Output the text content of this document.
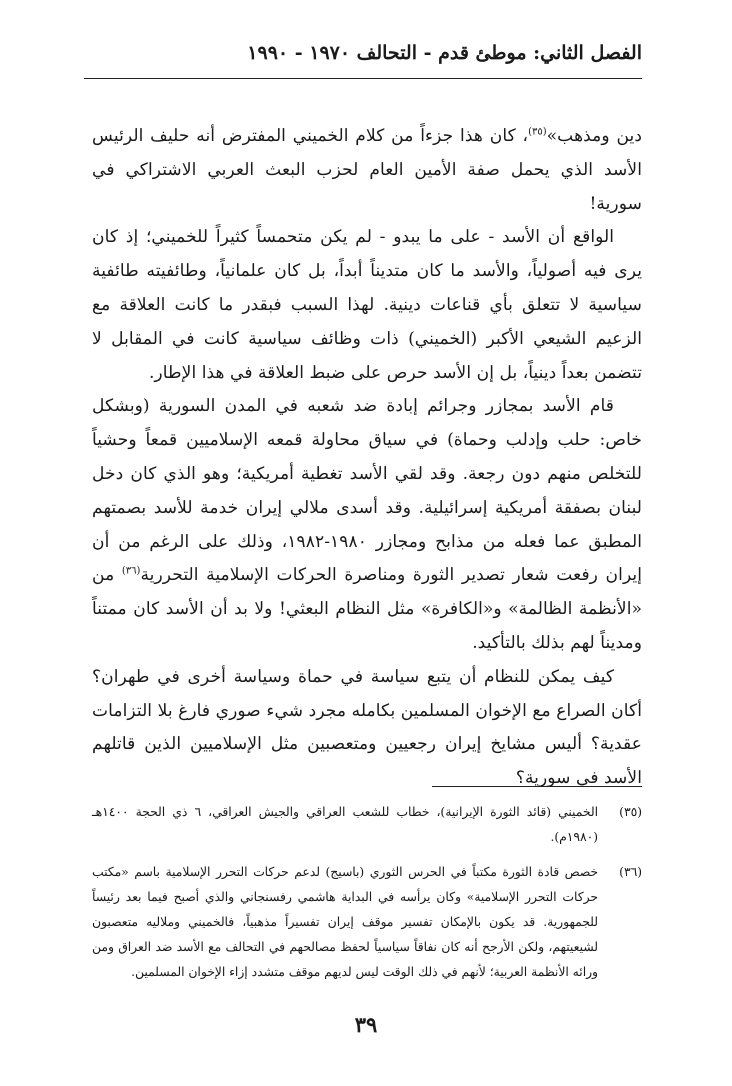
الفصل الثاني: موطئ قدم - التحالف ١٩٧٠ - ١٩٩٠

دين ومذهب»$^{(٣٥)}$، كان هذا جزءاً من كلام الخميني المفترض أنه حليف الرئيس الأسد الذي يحمل صفة الأمين العام لحزب البعث العربي الاشتراكي في سورية!

الواقع أن الأسد - على ما يبدو - لم يكن متحمساً كثيراً للخميني؛ إذ كان يرى فيه أصولياً، والأسد ما كان متديناً أبداً، بل كان علمانياً، وطائفيته طائفية سياسية لا تتعلق بأي قناعات دينية. لهذا السبب فبقدر ما كانت العلاقة مع الزعيم الشيعي الأكبر (الخميني) ذات وظائف سياسية كانت في المقابل لا تتضمن بعداً دينياً، بل إن الأسد حرص على ضبط العلاقة في هذا الإطار.

قام الأسد بمجازر وجرائم إبادة ضد شعبه في المدن السورية (وبشكل خاص: حلب وإدلب وحماة) في سياق محاولة قمعه الإسلاميين قمعاً وحشياً للتخلص منهم دون رجعة. وقد لقي الأسد تغطية أمريكية؛ وهو الذي كان دخل لبنان بصفقة أمريكية إسرائيلية. وقد أسدى ملالي إيران خدمة للأسد بصمتهم المطبق عما فعله من مذابح ومجازر ١٩٨٠-١٩٨٢، وذلك على الرغم من أن إيران رفعت شعار تصدير الثورة ومناصرة الحركات الإسلامية التحررية$^{(٣٦)}$ من «الأنظمة الظالمة» و«الكافرة» مثل النظام البعثي! ولا بد أن الأسد كان ممتناً ومديناً لهم بذلك بالتأكيد.

كيف يمكن للنظام أن يتبع سياسة في حماة وسياسة أخرى في طهران؟ أكان الصراع مع الإخوان المسلمين بكامله مجرد شيء صوري فارغ بلا التزامات عقدية؟ أليس مشايخ إيران رجعيين ومتعصبين مثل الإسلاميين الذين قاتلهم الأسد في سورية؟

(٣٥)
الخميني (قائد الثورة الإيرانية)، خطاب للشعب العراقي والجيش العراقي، ٦ ذي الحجة ١٤٠٠هـ (١٩٨٠م).
(٣٦)
خصص قادة الثورة مكتباً في الحرس الثوري (باسيج) لدعم حركات التحرر الإسلامية باسم «مكتب حركات التحرر الإسلامية» وكان يرأسه في البداية هاشمي رفسنجاني والذي أصبح فيما بعد رئيساً للجمهورية. قد يكون بالإمكان تفسير موقف إيران تفسيراً مذهبياً، فالخميني وملاليه متعصبون لشيعيتهم، ولكن الأرجح أنه كان نفاقاً سياسياً لحفظ مصالحهم في التحالف مع الأسد ضد العراق ومن ورائه الأنظمة العربية؛ لأنهم في ذلك الوقت ليس لديهم موقف متشدد إزاء الإخوان المسلمين.
٣٩
